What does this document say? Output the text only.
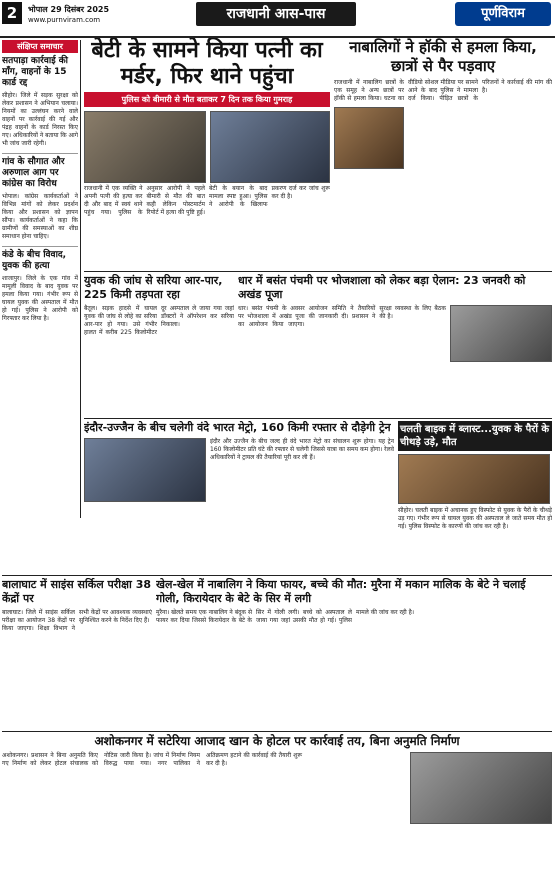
2	भोपाल 29 दिसंबर 2025
www.purnviram.com	राजधानी आस-पास	पूर्णविराम
संक्षिप्त समाचार
सतपाड़ा कार्रवाई की माँग, वाहनों के 15 कार्ड रद्द
सीहोर। जिले में सड़क सुरक्षा को लेकर प्रशासन ने अभियान चलाया। नियमों का उल्लंघन करने वाले वाहनों पर कार्रवाई की गई और पंद्रह वाहनों के कार्ड निरस्त किए गए। अधिकारियों ने बताया कि आगे भी जांच जारी रहेगी।
गांव के सौगात और अरुणाल आग पर कांग्रेस का विरोध
भोपाल। कांग्रेस कार्यकर्ताओं ने विभिन्न मांगों को लेकर प्रदर्शन किया और प्रशासन को ज्ञापन सौंपा। कार्यकर्ताओं ने कहा कि ग्रामीणों की समस्याओं का शीघ्र समाधान होना चाहिए।
कंडे के बीच विवाद, युवक की हत्या
शाजापुर। जिले के एक गांव में मामूली विवाद के बाद युवक पर हमला किया गया। गंभीर रूप से घायल युवक की अस्पताल में मौत हो गई। पुलिस ने आरोपी को गिरफ्तार कर लिया है।
बेटी के सामने किया पत्नी का मर्डर, फिर थाने पहुंचा
पुलिस को बीमारी से मौत बताकर 7 दिन तक किया गुमराह
राजधानी में एक व्यक्ति ने अपनी पत्नी की हत्या कर दी और बाद में स्वयं थाने पहुंच गया। पुलिस के अनुसार आरोपी ने पहले बीमारी से मौत की बात कही लेकिन पोस्टमार्टम रिपोर्ट में हत्या की पुष्टि हुई। बेटी के बयान के बाद मामला स्पष्ट हुआ। पुलिस ने आरोपी के खिलाफ प्रकरण दर्ज कर जांच शुरू कर दी है।
नाबालिगों ने हॉकी से हमला किया, छात्रों से पैर पड़वाए
राजधानी में नाबालिग छात्रों के एक समूह ने अन्य छात्रों पर हॉकी से हमला किया। घटना का वीडियो सोशल मीडिया पर सामने आने के बाद पुलिस ने मामला दर्ज किया। पीड़ित छात्रों के परिजनों ने कार्रवाई की मांग की है।
युवक की जांघ से सरिया आर-पार, 225 किमी तड़पता रहा
बैतूल। सड़क हादसे में घायल युवक की जांघ से लोहे का सरिया आर-पार हो गया। उसे गंभीर हालत में करीब 225 किलोमीटर दूर अस्पताल ले जाया गया जहां डॉक्टरों ने ऑपरेशन कर सरिया निकाला।
धार में बसंत पंचमी पर भोजशाला को लेकर बड़ा ऐलान: 23 जनवरी को अखंड पूजा
धार। बसंत पंचमी के अवसर पर भोजशाला में अखंड पूजा का आयोजन किया जाएगा। आयोजन समिति ने तैयारियों की जानकारी दी। प्रशासन ने सुरक्षा व्यवस्था के लिए बैठक की है।
इंदौर-उज्जैन के बीच चलेगी वंदे भारत मेट्रो, 160 किमी रफ्तार से दौड़ेगी ट्रेन
इंदौर और उज्जैन के बीच जल्द ही वंदे भारत मेट्रो का संचालन शुरू होगा। यह ट्रेन 160 किलोमीटर प्रति घंटे की रफ्तार से चलेगी जिससे यात्रा का समय कम होगा। रेलवे अधिकारियों ने ट्रायल की तैयारियां पूरी कर ली हैं।
चलती बाइक में ब्लास्ट...युवक के पैरों के चीथड़े उड़े, मौत
सीहोर। चलती बाइक में अचानक हुए विस्फोट से युवक के पैरों के चीथड़े उड़ गए। गंभीर रूप से घायल युवक की अस्पताल ले जाते समय मौत हो गई। पुलिस विस्फोट के कारणों की जांच कर रही है।
बालाघाट में साइंस सर्किल परीक्षा 38 केंद्रों पर
बालाघाट। जिले में साइंस सर्किल परीक्षा का आयोजन 38 केंद्रों पर किया जाएगा। शिक्षा विभाग ने सभी केंद्रों पर आवश्यक व्यवस्थाएं सुनिश्चित करने के निर्देश दिए हैं।
खेल-खेल में नाबालिग ने किया फायर, बच्चे की मौत: मुरैना में मकान मालिक के बेटे ने चलाई गोली, किरायेदार के बेटे के सिर में लगी
मुरैना। खेलते समय एक नाबालिग ने बंदूक से फायर कर दिया जिससे किरायेदार के बेटे के सिर में गोली लगी। बच्चे को अस्पताल ले जाया गया जहां उसकी मौत हो गई। पुलिस मामले की जांच कर रही है।
अशोकनगर में सटेरिया आजाद खान के होटल पर कार्रवाई तय, बिना अनुमति निर्माण
अशोकनगर। प्रशासन ने बिना अनुमति किए गए निर्माण को लेकर होटल संचालक को नोटिस जारी किया है। जांच में निर्माण नियम विरुद्ध पाया गया। नगर पालिका ने अतिक्रमण हटाने की कार्रवाई की तैयारी शुरू कर दी है।
